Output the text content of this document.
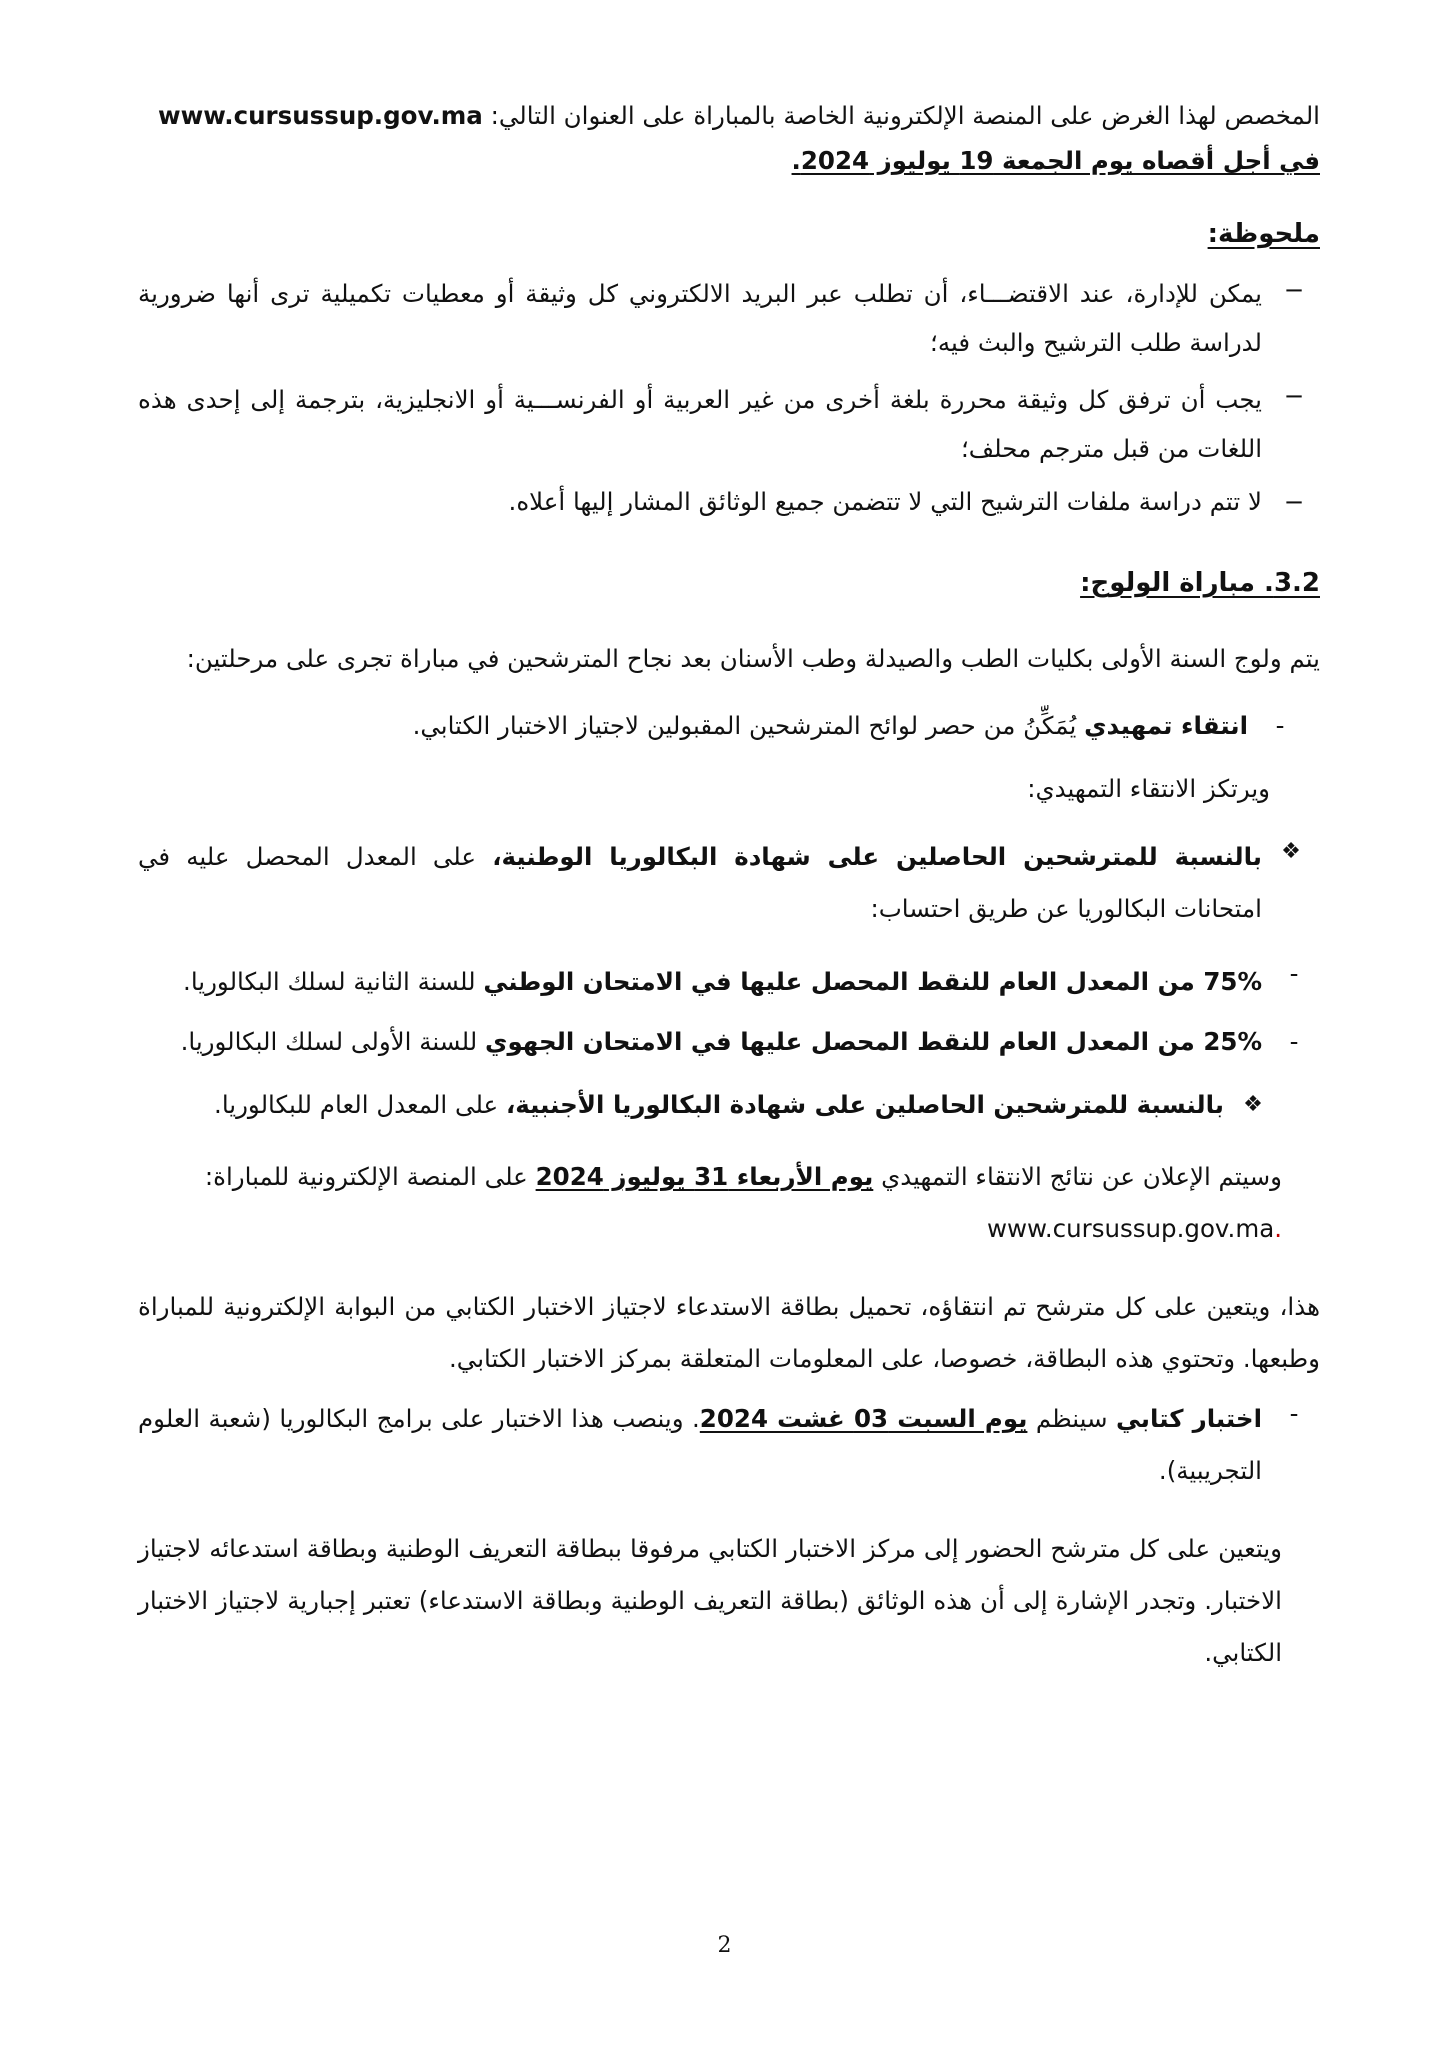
المخصص لهذا الغرض على المنصة الإلكترونية الخاصة بالمباراة على العنوان التالي: www.cursussup.gov.ma

في أجل أقصاه يوم الجمعة 19 يوليوز 2024.

ملحوظة:

−

يمكن للإدارة، عند الاقتضـــاء، أن تطلب عبر البريد الالكتروني كل وثيقة أو معطيات تكميلية ترى أنها ضرورية لدراسة طلب الترشيح والبث فيه؛

−

يجب أن ترفق كل وثيقة محررة بلغة أخرى من غير العربية أو الفرنســـية أو الانجليزية، بترجمة إلى إحدى هذه اللغات من قبل مترجم محلف؛

−

لا تتم دراسة ملفات الترشيح التي لا تتضمن جميع الوثائق المشار إليها أعلاه.

3.2. مباراة الولوج:

يتم ولوج السنة الأولى بكليات الطب والصيدلة وطب الأسنان بعد نجاح المترشحين في مباراة تجرى على مرحلتين:

-

انتقاء تمهيدي يُمَكِّنُ من حصر لوائح المترشحين المقبولين لاجتياز الاختبار الكتابي.

ويرتكز الانتقاء التمهيدي:

❖

بالنسبة للمترشحين الحاصلين على شهادة البكالوريا الوطنية، على المعدل المحصل عليه في امتحانات البكالوريا عن طريق احتساب:

-

75% من المعدل العام للنقط المحصل عليها في الامتحان الوطني للسنة الثانية لسلك البكالوريا.

-

25% من المعدل العام للنقط المحصل عليها في الامتحان الجهوي للسنة الأولى لسلك البكالوريا.

❖

بالنسبة للمترشحين الحاصلين على شهادة البكالوريا الأجنبية، على المعدل العام للبكالوريا.

وسيتم الإعلان عن نتائج الانتقاء التمهيدي يوم الأربعاء 31 يوليوز 2024 على المنصة الإلكترونية للمباراة:
www.cursussup.gov.ma.

هذا، ويتعين على كل مترشح تم انتقاؤه، تحميل بطاقة الاستدعاء لاجتياز الاختبار الكتابي من البوابة الإلكترونية للمباراة وطبعها. وتحتوي هذه البطاقة، خصوصا، على المعلومات المتعلقة بمركز الاختبار الكتابي.

-

اختبار كتابي سينظم يوم السبت 03 غشت 2024. وينصب هذا الاختبار على برامج البكالوريا (شعبة العلوم التجريبية).

ويتعين على كل مترشح الحضور إلى مركز الاختبار الكتابي مرفوقا ببطاقة التعريف الوطنية وبطاقة استدعائه لاجتياز الاختبار. وتجدر الإشارة إلى أن هذه الوثائق (بطاقة التعريف الوطنية وبطاقة الاستدعاء) تعتبر إجبارية لاجتياز الاختبار الكتابي.

2
